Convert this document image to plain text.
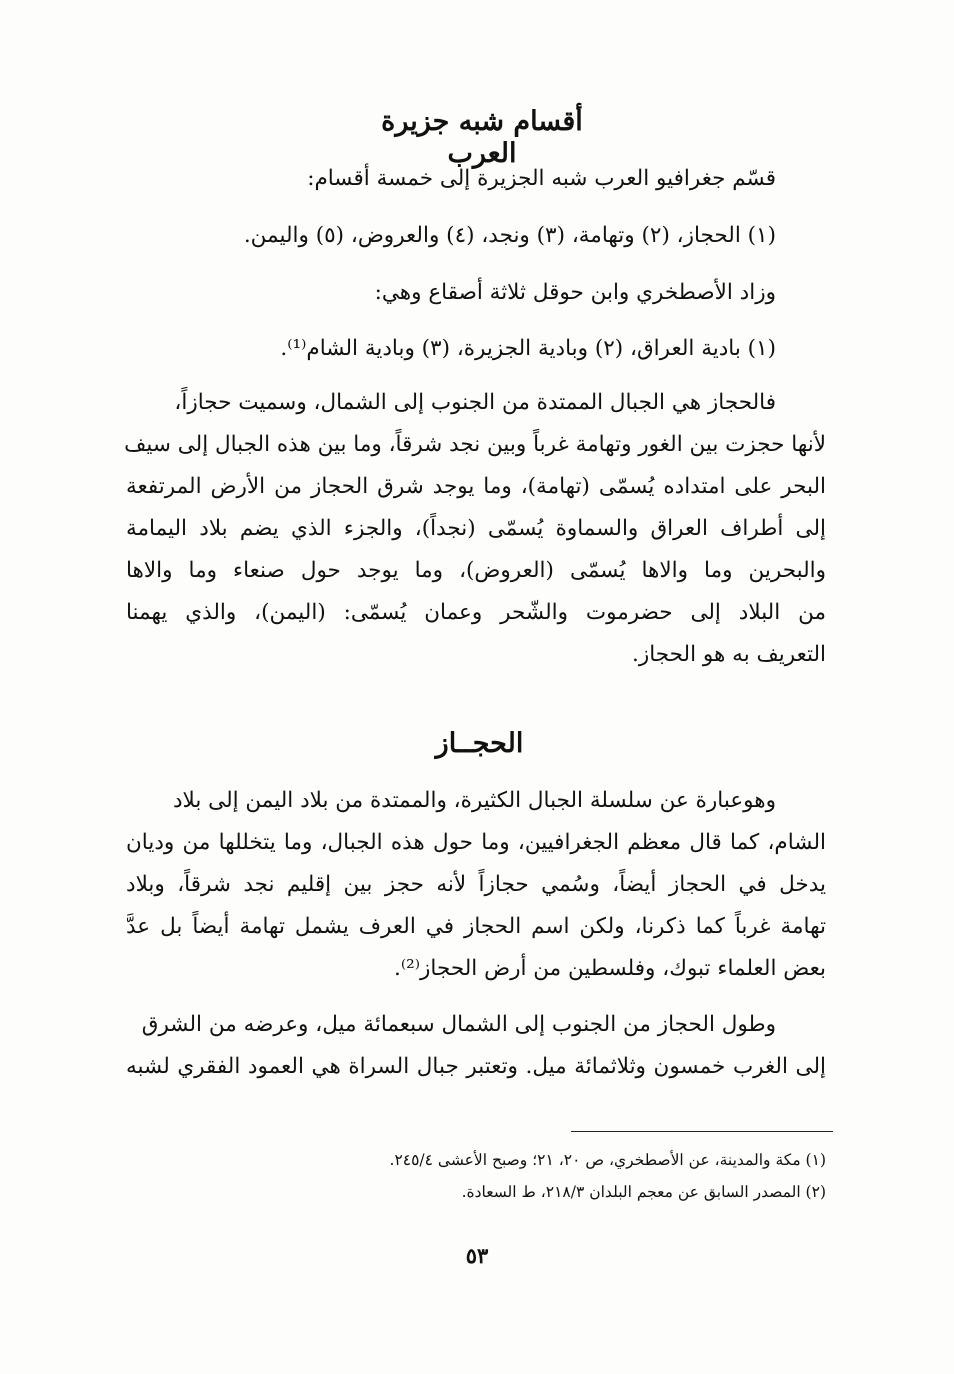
أقسام شبه جزيرة العرب

قسّم جغرافيو العرب شبه الجزيرة إلى خمسة أقسام:

(١) الحجاز، (٢) وتهامة، (٣) ونجد، (٤) والعروض، (٥) واليمن.

وزاد الأصطخري وابن حوقل ثلاثة أصقاع وهي:

(١) بادية العراق، (٢) وبادية الجزيرة، (٣) وبادية الشام⁽¹⁾.

فالحجاز هي الجبال الممتدة من الجنوب إلى الشمال، وسميت حجازاً،

لأنها حجزت بين الغور وتهامة غرباً وبين نجد شرقاً، وما بين هذه الجبال إلى سيف

البحر على امتداده يُسمّى (تهامة)، وما يوجد شرق الحجاز من الأرض المرتفعة

إلى أطراف العراق والسماوة يُسمّى (نجداً)، والجزء الذي يضم بلاد اليمامة

والبحرين وما والاها يُسمّى (العروض)، وما يوجد حول صنعاء وما والاها

من البلاد إلى حضرموت والشّحر وعمان يُسمّى: (اليمن)، والذي يهمنا

التعريف به هو الحجاز.

الحجــاز

وهوعبارة عن سلسلة الجبال الكثيرة، والممتدة من بلاد اليمن إلى بلاد

الشام، كما قال معظم الجغرافيين، وما حول هذه الجبال، وما يتخللها من وديان

يدخل في الحجاز أيضاً، وسُمي حجازاً لأنه حجز بين إقليم نجد شرقاً، وبلاد

تهامة غرباً كما ذكرنا، ولكن اسم الحجاز في العرف يشمل تهامة أيضاً بل عدَّ

بعض العلماء تبوك، وفلسطين من أرض الحجاز⁽²⁾.

وطول الحجاز من الجنوب إلى الشمال سبعمائة ميل، وعرضه من الشرق

إلى الغرب خمسون وثلاثمائة ميل. وتعتبر جبال السراة هي العمود الفقري لشبه

(١) مكة والمدينة، عن الأصطخري، ص ٢٠، ٢١؛ وصبح الأعشى ٢٤٥/٤.

(٢) المصدر السابق عن معجم البلدان ٢١٨/٣، ط السعادة.

٥٣
